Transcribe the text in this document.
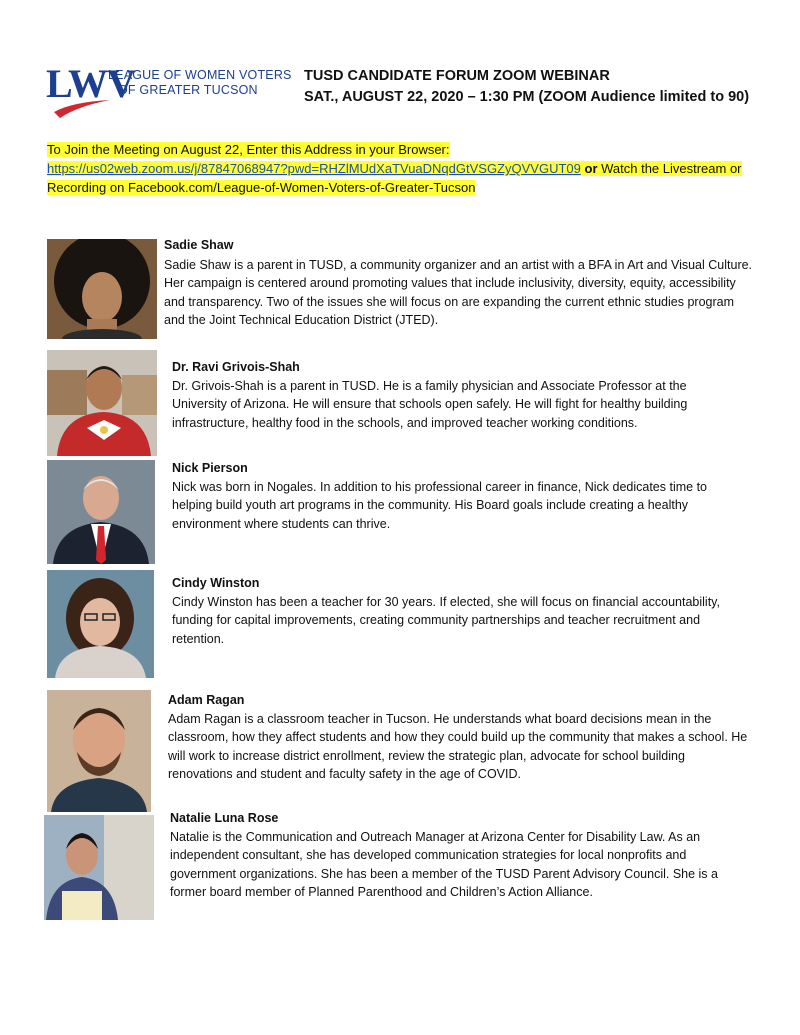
LWV
LEAGUE OF WOMEN VOTERS
OF GREATER TUCSON
TUSD CANDIDATE FORUM ZOOM WEBINAR
SAT., AUGUST 22, 2020 – 1:30 PM (ZOOM Audience limited to 90)
To Join the Meeting on August 22, Enter this Address in your Browser:
https://us02web.zoom.us/j/87847068947?pwd=RHZlMUdXaTVuaDNqdGtVSGZyQVVGUT09 or Watch the Livestream or
Recording on Facebook.com/League-of-Women-Voters-of-Greater-Tucson
Sadie Shaw
Sadie Shaw is a parent in TUSD, a community organizer and an artist with a BFA in Art and Visual Culture. Her campaign is centered around promoting values that include inclusivity, diversity, equity, accessibility and transparency. Two of the issues she will focus on are expanding the current ethnic studies program and the Joint Technical Education District (JTED).
Dr. Ravi Grivois-Shah
Dr. Grivois-Shah is a parent in TUSD. He is a family physician and Associate Professor at the University of Arizona. He will ensure that schools open safely. He will fight for healthy building infrastructure, healthy food in the schools, and improved teacher working conditions.
Nick Pierson
Nick was born in Nogales. In addition to his professional career in finance, Nick dedicates time to helping build youth art programs in the community. His Board goals include creating a healthy environment where students can thrive.
Cindy Winston
Cindy Winston has been a teacher for 30 years. If elected, she will focus on financial accountability, funding for capital improvements, creating community partnerships and teacher recruitment and retention.
Adam Ragan
Adam Ragan is a classroom teacher in Tucson. He understands what board decisions mean in the classroom, how they affect students and how they could build up the community that makes a school. He will work to increase district enrollment, review the strategic plan, advocate for school building renovations and student and faculty safety in the age of COVID.
Natalie Luna Rose
Natalie is the Communication and Outreach Manager at Arizona Center for Disability Law. As an independent consultant, she has developed communication strategies for local nonprofits and government organizations. She has been a member of the TUSD Parent Advisory Council. She is a former board member of Planned Parenthood and Children’s Action Alliance.
